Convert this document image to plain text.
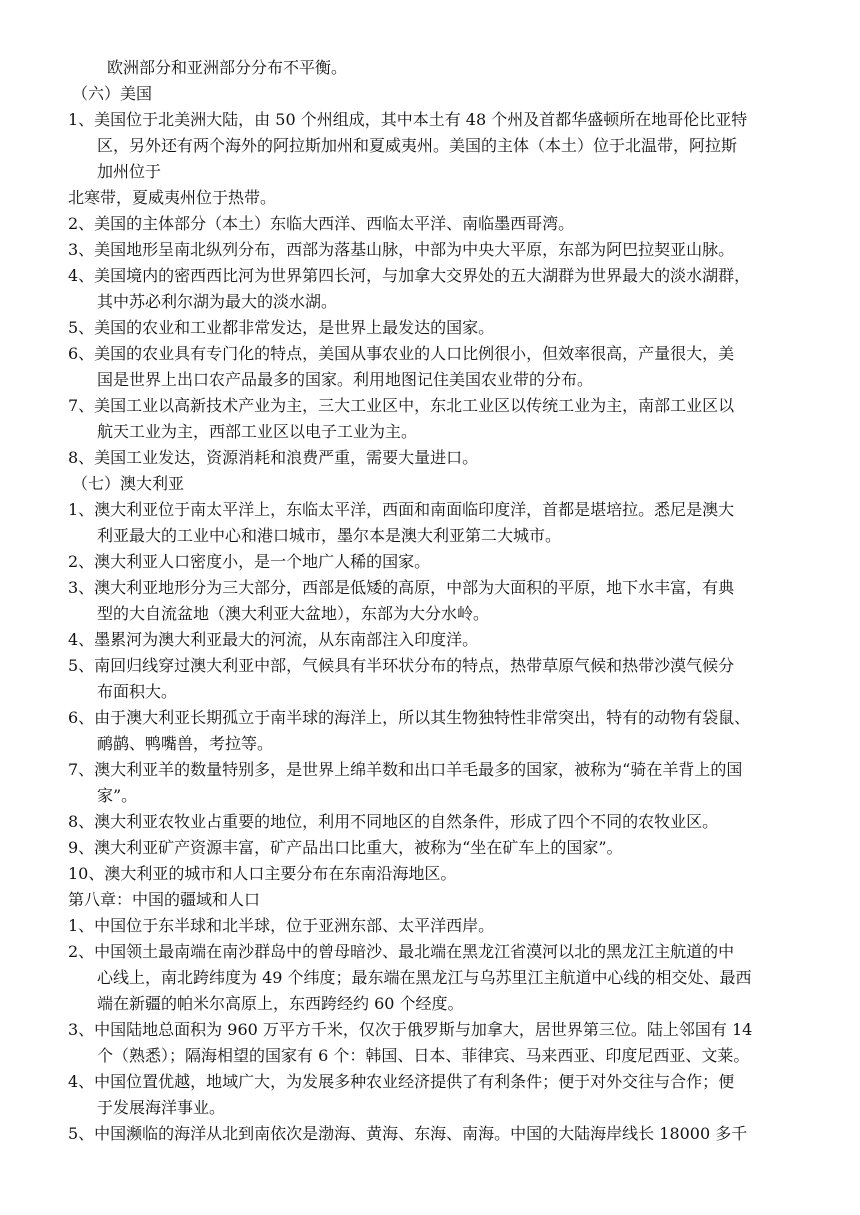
欧洲部分和亚洲部分分布不平衡。
（六）美国
1、美国位于北美洲大陆，由 50 个州组成，其中本土有 48 个州及首都华盛顿所在地哥伦比亚特
区，另外还有两个海外的阿拉斯加州和夏威夷州。美国的主体（本土）位于北温带，阿拉斯
加州位于
北寒带，夏威夷州位于热带。
2、美国的主体部分（本土）东临大西洋、西临太平洋、南临墨西哥湾。
3、美国地形呈南北纵列分布，西部为落基山脉，中部为中央大平原，东部为阿巴拉契亚山脉。
4、美国境内的密西西比河为世界第四长河，与加拿大交界处的五大湖群为世界最大的淡水湖群，
其中苏必利尔湖为最大的淡水湖。
5、美国的农业和工业都非常发达，是世界上最发达的国家。
6、美国的农业具有专门化的特点，美国从事农业的人口比例很小，但效率很高，产量很大，美
国是世界上出口农产品最多的国家。利用地图记住美国农业带的分布。
7、美国工业以高新技术产业为主，三大工业区中，东北工业区以传统工业为主，南部工业区以
航天工业为主，西部工业区以电子工业为主。
8、美国工业发达，资源消耗和浪费严重，需要大量进口。
（七）澳大利亚
1、澳大利亚位于南太平洋上，东临太平洋，西面和南面临印度洋，首都是堪培拉。悉尼是澳大
利亚最大的工业中心和港口城市，墨尔本是澳大利亚第二大城市。
2、澳大利亚人口密度小，是一个地广人稀的国家。
3、澳大利亚地形分为三大部分，西部是低矮的高原，中部为大面积的平原，地下水丰富，有典
型的大自流盆地（澳大利亚大盆地），东部为大分水岭。
4、墨累河为澳大利亚最大的河流，从东南部注入印度洋。
5、南回归线穿过澳大利亚中部，气候具有半环状分布的特点，热带草原气候和热带沙漠气候分
布面积大。
6、由于澳大利亚长期孤立于南半球的海洋上，所以其生物独特性非常突出，特有的动物有袋鼠、
鸸鹋、鸭嘴兽，考拉等。
7、澳大利亚羊的数量特别多，是世界上绵羊数和出口羊毛最多的国家，被称为“骑在羊背上的国
家”。
8、澳大利亚农牧业占重要的地位，利用不同地区的自然条件，形成了四个不同的农牧业区。
9、澳大利亚矿产资源丰富，矿产品出口比重大，被称为“坐在矿车上的国家”。
10、澳大利亚的城市和人口主要分布在东南沿海地区。
第八章：中国的疆域和人口
1、中国位于东半球和北半球，位于亚洲东部、太平洋西岸。
2、中国领土最南端在南沙群岛中的曾母暗沙、最北端在黑龙江省漠河以北的黑龙江主航道的中
心线上，南北跨纬度为 49 个纬度；最东端在黑龙江与乌苏里江主航道中心线的相交处、最西
端在新疆的帕米尔高原上，东西跨经约 60 个经度。
3、中国陆地总面积为 960 万平方千米，仅次于俄罗斯与加拿大，居世界第三位。陆上邻国有 14
个（熟悉）；隔海相望的国家有 6 个：韩国、日本、菲律宾、马来西亚、印度尼西亚、文莱。
4、中国位置优越，地域广大，为发展多种农业经济提供了有利条件；便于对外交往与合作；便
于发展海洋事业。
5、中国濒临的海洋从北到南依次是渤海、黄海、东海、南海。中国的大陆海岸线长 18000 多千
